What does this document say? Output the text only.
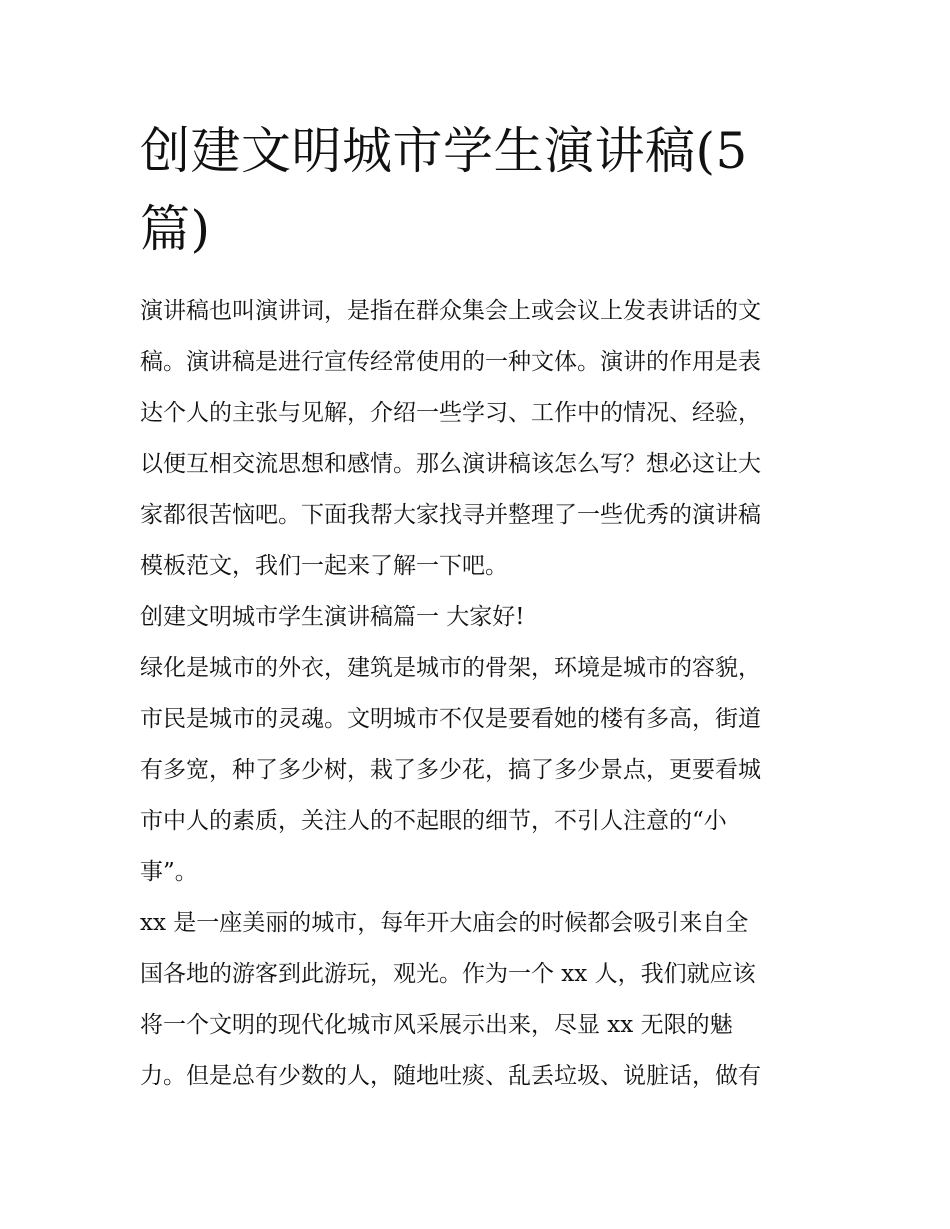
创建文明城市学生演讲稿(5
篇)
演讲稿也叫演讲词，是指在群众集会上或会议上发表讲话的文
稿。演讲稿是进行宣传经常使用的一种文体。演讲的作用是表
达个人的主张与见解，介绍一些学习、工作中的情况、经验，
以便互相交流思想和感情。那么演讲稿该怎么写？想必这让大
家都很苦恼吧。下面我帮大家找寻并整理了一些优秀的演讲稿
模板范文，我们一起来了解一下吧。
创建文明城市学生演讲稿篇一 大家好!
绿化是城市的外衣，建筑是城市的骨架，环境是城市的容貌，
市民是城市的灵魂。文明城市不仅是要看她的楼有多高，街道
有多宽，种了多少树，栽了多少花，搞了多少景点，更要看城
市中人的素质，关注人的不起眼的细节，不引人注意的“小
事”。
xx 是一座美丽的城市，每年开大庙会的时候都会吸引来自全
国各地的游客到此游玩，观光。作为一个 xx 人，我们就应该
将一个文明的现代化城市风采展示出来，尽显 xx 无限的魅
力。但是总有少数的人，随地吐痰、乱丢垃圾、说脏话，做有
